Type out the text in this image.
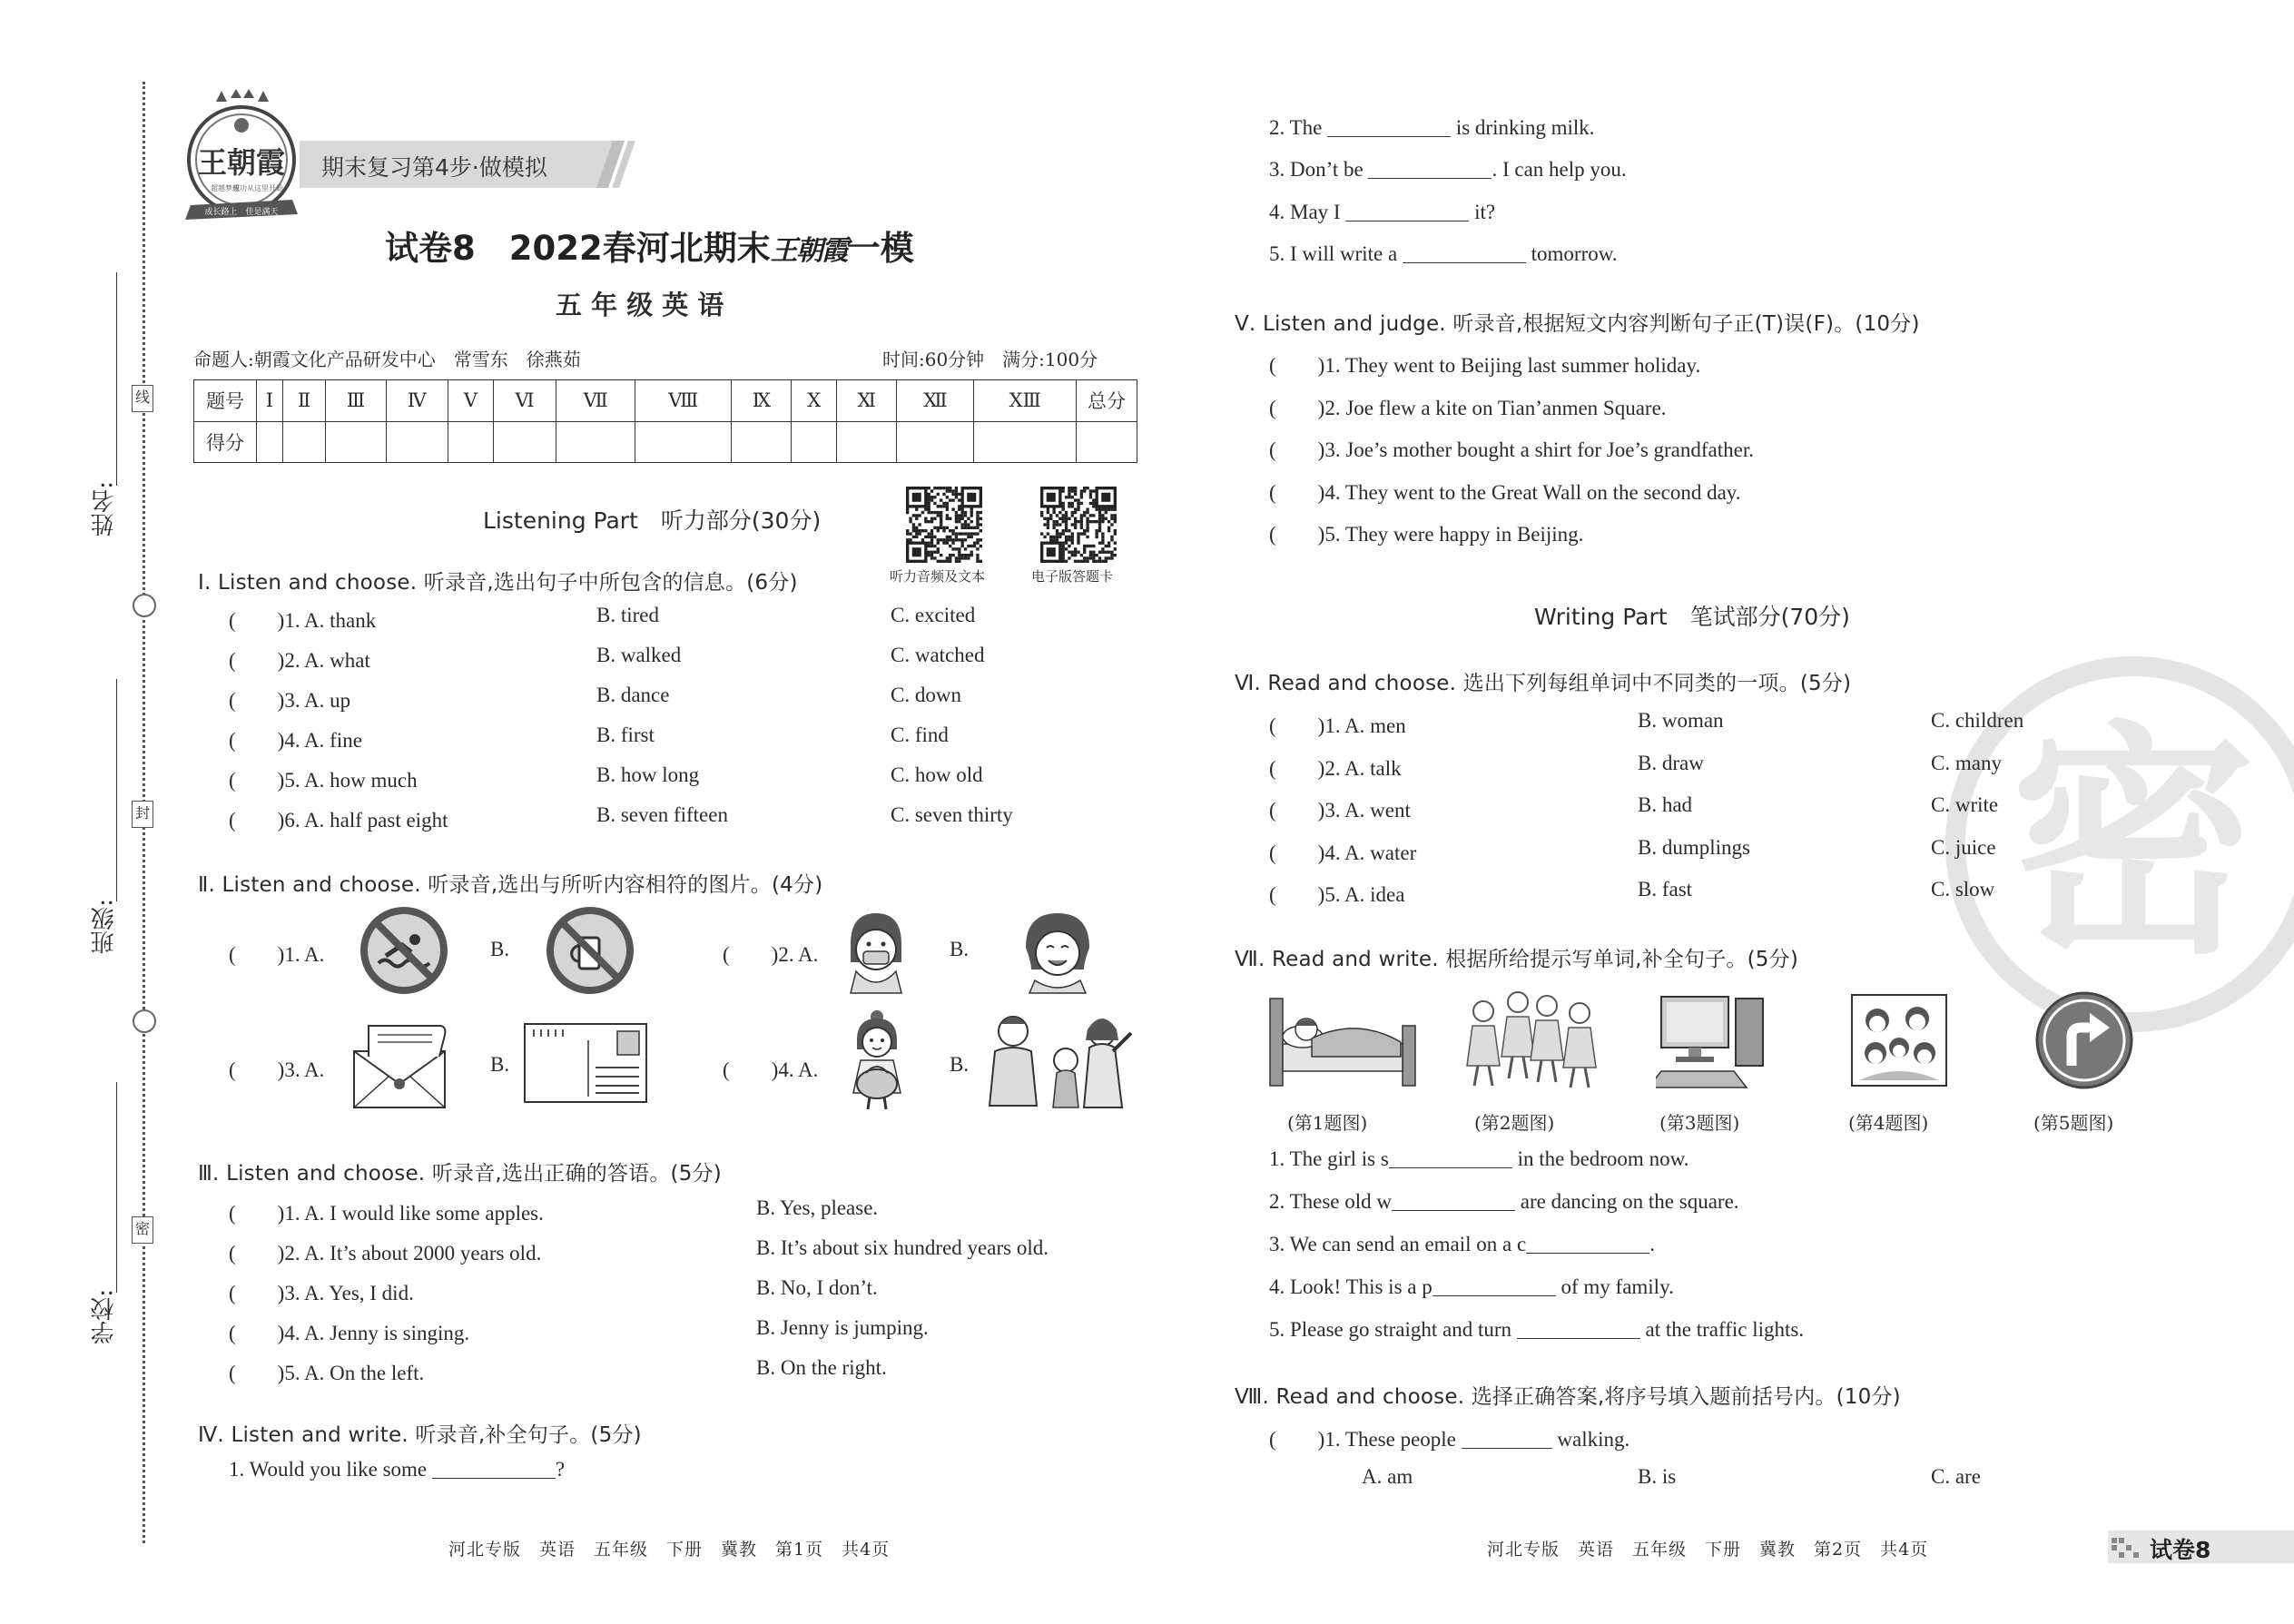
线
封
密
姓名:
班级:
学校:
王朝霞
超越梦想
成功从这里开始
成长路上　佳是满天
期末复习第4步·做模拟
试卷8　2022春河北期末王朝霞一模
五 年 级 英 语
命题人:朝霞文化产品研发中心　常雪东　徐燕茹	时间:60分钟　满分:100分
题号	Ⅰ	Ⅱ	Ⅲ	Ⅳ	Ⅴ	Ⅵ	Ⅶ	Ⅷ	Ⅸ	Ⅹ	Ⅺ	Ⅻ	ⅩⅢ	总分
得分														
听力音频及文本	电子版答题卡
Listening Part　听力部分(30分)
Ⅰ. Listen and choose. 听录音,选出句子中所包含的信息。(6分)
(　　)1. A. thank	B. tired	C. excited
(　　)2. A. what	B. walked	C. watched
(　　)3. A. up	B. dance	C. down
(　　)4. A. fine	B. first	C. find
(　　)5. A. how much	B. how long	C. how old
(　　)6. A. half past eight	B. seven fifteen	C. seven thirty
Ⅱ. Listen and choose. 听录音,选出与所听内容相符的图片。(4分)
(　　)1. A.	B.	(　　)2. A.	B.
(　　)3. A.	B.	(　　)4. A.	B.
Ⅲ. Listen and choose. 听录音,选出正确的答语。(5分)
(　　)1. A. I would like some apples.	B. Yes, please.
(　　)2. A. It’s about 2000 years old.	B. It’s about six hundred years old.
(　　)3. A. Yes, I did.	B. No, I don’t.
(　　)4. A. Jenny is singing.	B. Jenny is jumping.
(　　)5. A. On the left.	B. On the right.
Ⅳ. Listen and write. 听录音,补全句子。(5分)
1. Would you like some	?
2. The	is drinking milk.
3. Don’t be	. I can help you.
4. May I	it?
5. I will write a	tomorrow.
Ⅴ. Listen and judge. 听录音,根据短文内容判断句子正(T)误(F)。(10分)
(　　)1. They went to Beijing last summer holiday.
(　　)2. Joe flew a kite on Tian’anmen Square.
(　　)3. Joe’s mother bought a shirt for Joe’s grandfather.
(　　)4. They went to the Great Wall on the second day.
(　　)5. They were happy in Beijing.
密
Writing Part　笔试部分(70分)
Ⅵ. Read and choose. 选出下列每组单词中不同类的一项。(5分)
(　　)1. A. men	B. woman	C. children
(　　)2. A. talk	B. draw	C. many
(　　)3. A. went	B. had	C. write
(　　)4. A. water	B. dumplings	C. juice
(　　)5. A. idea	B. fast	C. slow
Ⅶ. Read and write. 根据所给提示写单词,补全句子。(5分)
(第1题图)	(第2题图)	(第3题图)	(第4题图)	(第5题图)
1. The girl is s	in the bedroom now.
2. These old w	are dancing on the square.
3. We can send an email on a c	.
4. Look! This is a p	of my family.
5. Please go straight and turn	at the traffic lights.
Ⅷ. Read and choose. 选择正确答案,将序号填入题前括号内。(10分)
(　　)1. These people	walking.
A. am	B. is	C. are
河北专版　英语　五年级　下册　冀教　第1页　共4页	河北专版　英语　五年级　下册　冀教　第2页　共4页	试卷8
